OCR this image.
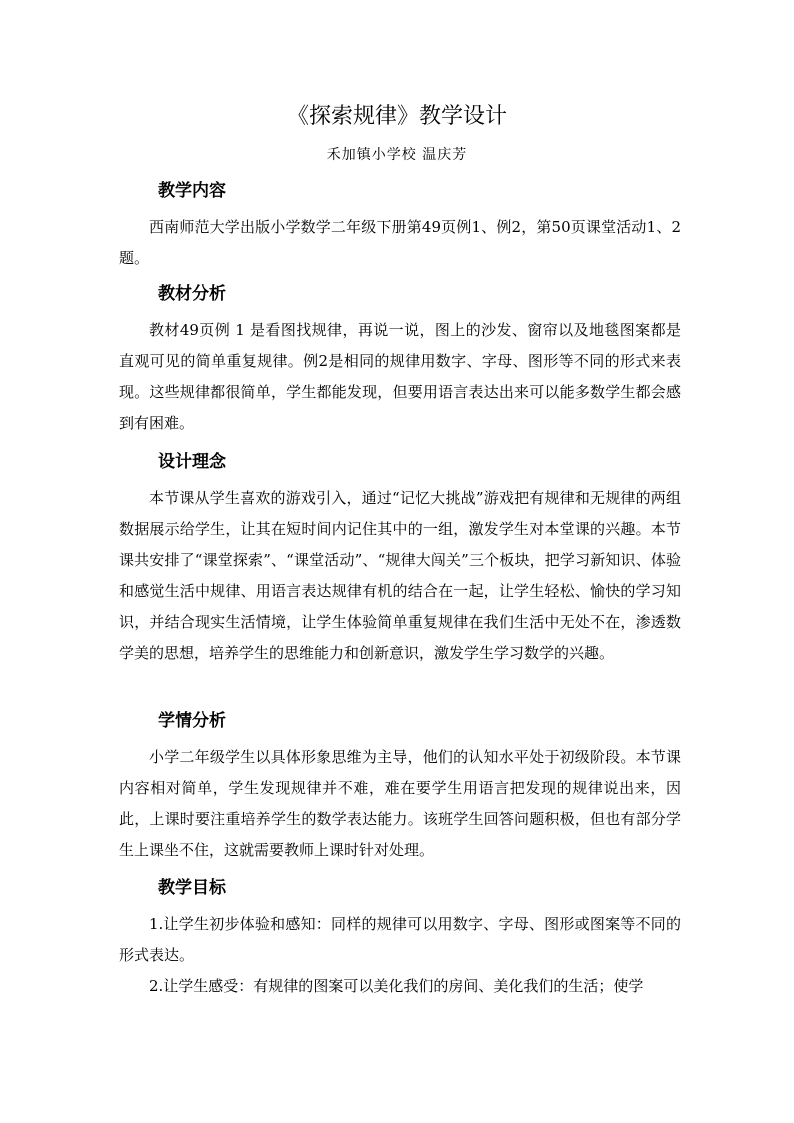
《探索规律》教学设计
禾加镇小学校 温庆芳
教学内容

西南师范大学出版小学数学二年级下册第49页例1、例2，第50页课堂活动1、2题。

教材分析

教材49页例 1 是看图找规律，再说一说，图上的沙发、窗帘以及地毯图案都是直观可见的简单重复规律。例2是相同的规律用数字、字母、图形等不同的形式来表现。这些规律都很简单，学生都能发现，但要用语言表达出来可以能多数学生都会感到有困难。

设计理念

本节课从学生喜欢的游戏引入，通过“记忆大挑战”游戏把有规律和无规律的两组数据展示给学生，让其在短时间内记住其中的一组，激发学生对本堂课的兴趣。本节课共安排了“课堂探索”、“课堂活动”、“规律大闯关”三个板块，把学习新知识、体验和感觉生活中规律、用语言表达规律有机的结合在一起，让学生轻松、愉快的学习知识，并结合现实生活情境，让学生体验简单重复规律在我们生活中无处不在，渗透数学美的思想，培养学生的思维能力和创新意识，激发学生学习数学的兴趣。

学情分析

小学二年级学生以具体形象思维为主导，他们的认知水平处于初级阶段。本节课内容相对简单，学生发现规律并不难，难在要学生用语言把发现的规律说出来，因此，上课时要注重培养学生的数学表达能力。该班学生回答问题积极，但也有部分学生上课坐不住，这就需要教师上课时针对处理。

教学目标

1.让学生初步体验和感知：同样的规律可以用数字、字母、图形或图案等不同的形式表达。

2.让学生感受：有规律的图案可以美化我们的房间、美化我们的生活；使学
